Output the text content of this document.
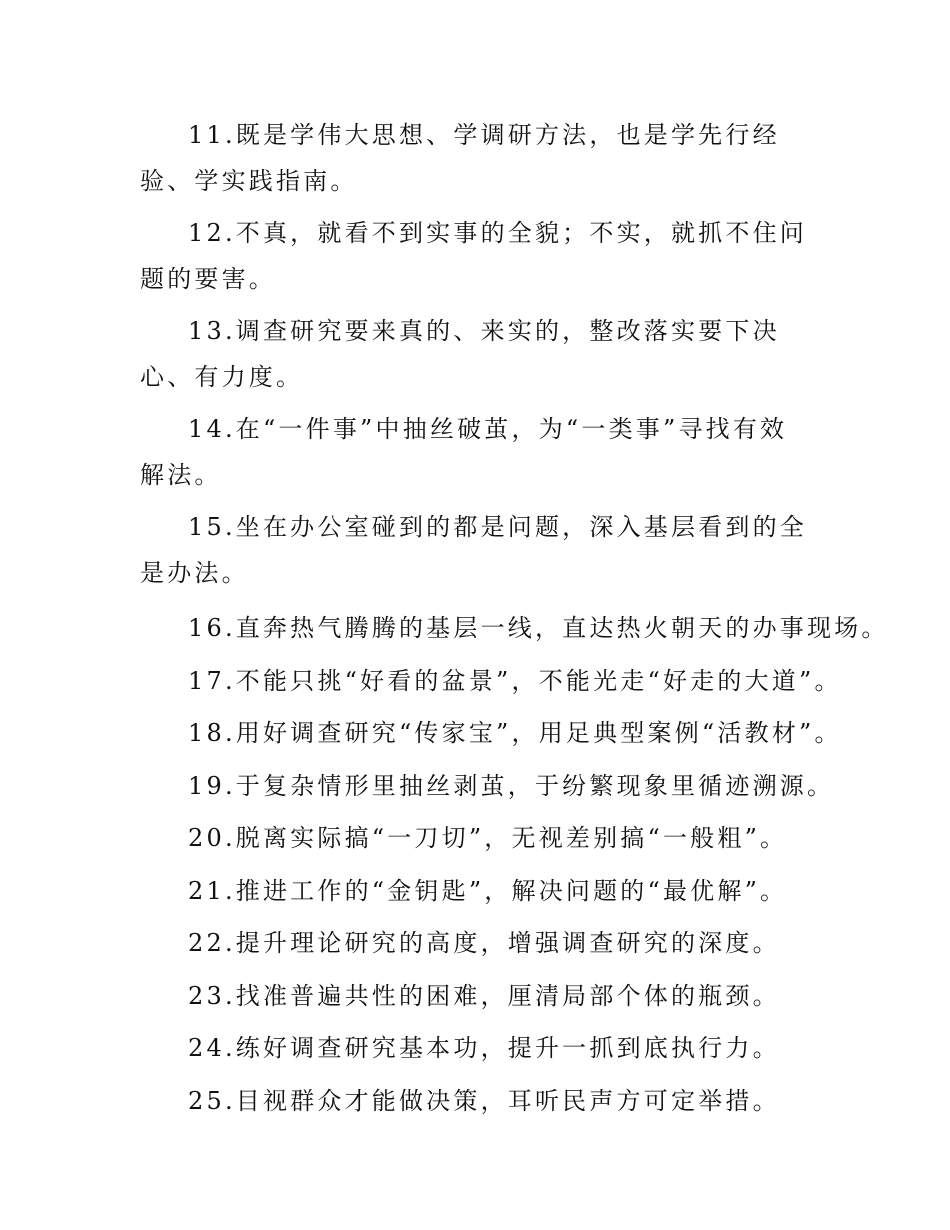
11.既是学伟大思想、学调研方法，也是学先行经验、学实践指南。

12.不真，就看不到实事的全貌；不实，就抓不住问题的要害。

13.调查研究要来真的、来实的，整改落实要下决心、有力度。

14.在“一件事”中抽丝破茧，为“一类事”寻找有效解法。

15.坐在办公室碰到的都是问题，深入基层看到的全是办法。

16.直奔热气腾腾的基层一线，直达热火朝天的办事现场。

17.不能只挑“好看的盆景”，不能光走“好走的大道”。

18.用好调查研究“传家宝”，用足典型案例“活教材”。

19.于复杂情形里抽丝剥茧，于纷繁现象里循迹溯源。

20.脱离实际搞“一刀切”，无视差别搞“一般粗”。

21.推进工作的“金钥匙”，解决问题的“最优解”。

22.提升理论研究的高度，增强调查研究的深度。

23.找准普遍共性的困难，厘清局部个体的瓶颈。

24.练好调查研究基本功，提升一抓到底执行力。

25.目视群众才能做决策，耳听民声方可定举措。
